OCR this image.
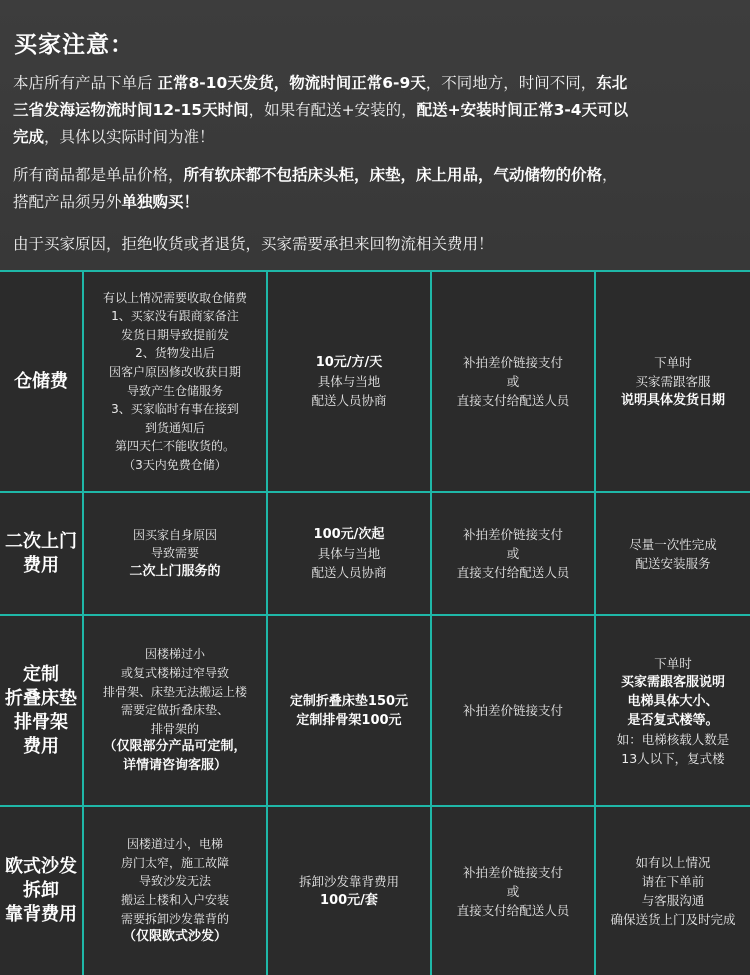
买家注意：
本店所有产品下单后 正常8-10天发货，物流时间正常6-9天，不同地方，时间不同，东北
三省发海运物流时间12-15天时间，如果有配送+安装的，配送+安装时间正常3-4天可以
完成，具体以实际时间为准！
所有商品都是单品价格，所有软床都不包括床头柜，床垫，床上用品，气动储物的价格，
搭配产品须另外单独购买！
由于买家原因，拒绝收货或者退货，买家需要承担来回物流相关费用！
仓储费
有以上情况需要收取仓储费
1、买家没有跟商家备注
发货日期导致提前发
2、货物发出后
因客户原因修改收获日期
导致产生仓储服务
3、买家临时有事在接到
到货通知后
第四天仁不能收货的。
（3天内免费仓储）
10元/方/天
具体与当地
配送人员协商
补拍差价链接支付
或
直接支付给配送人员
下单时
买家需跟客服
说明具体发货日期
二次上门
费用
因买家自身原因
导致需要
二次上门服务的
100元/次起
具体与当地
配送人员协商
补拍差价链接支付
或
直接支付给配送人员
尽量一次性完成
配送安装服务
定制
折叠床垫
排骨架
费用
因楼梯过小
或复式楼梯过窄导致
排骨架、床垫无法搬运上楼
需要定做折叠床垫、
排骨架的
（仅限部分产品可定制，
详情请咨询客服）
定制折叠床垫150元
定制排骨架100元
补拍差价链接支付
下单时
买家需跟客服说明
电梯具体大小、
是否复式楼等。
如：电梯核载人数是
13人以下，复式楼
欧式沙发
拆卸
靠背费用
因楼道过小，电梯
房门太窄，施工故障
导致沙发无法
搬运上楼和入户安装
需要拆卸沙发靠背的
（仅限欧式沙发）
拆卸沙发靠背费用
100元/套
补拍差价链接支付
或
直接支付给配送人员
如有以上情况
请在下单前
与客服沟通
确保送货上门及时完成
